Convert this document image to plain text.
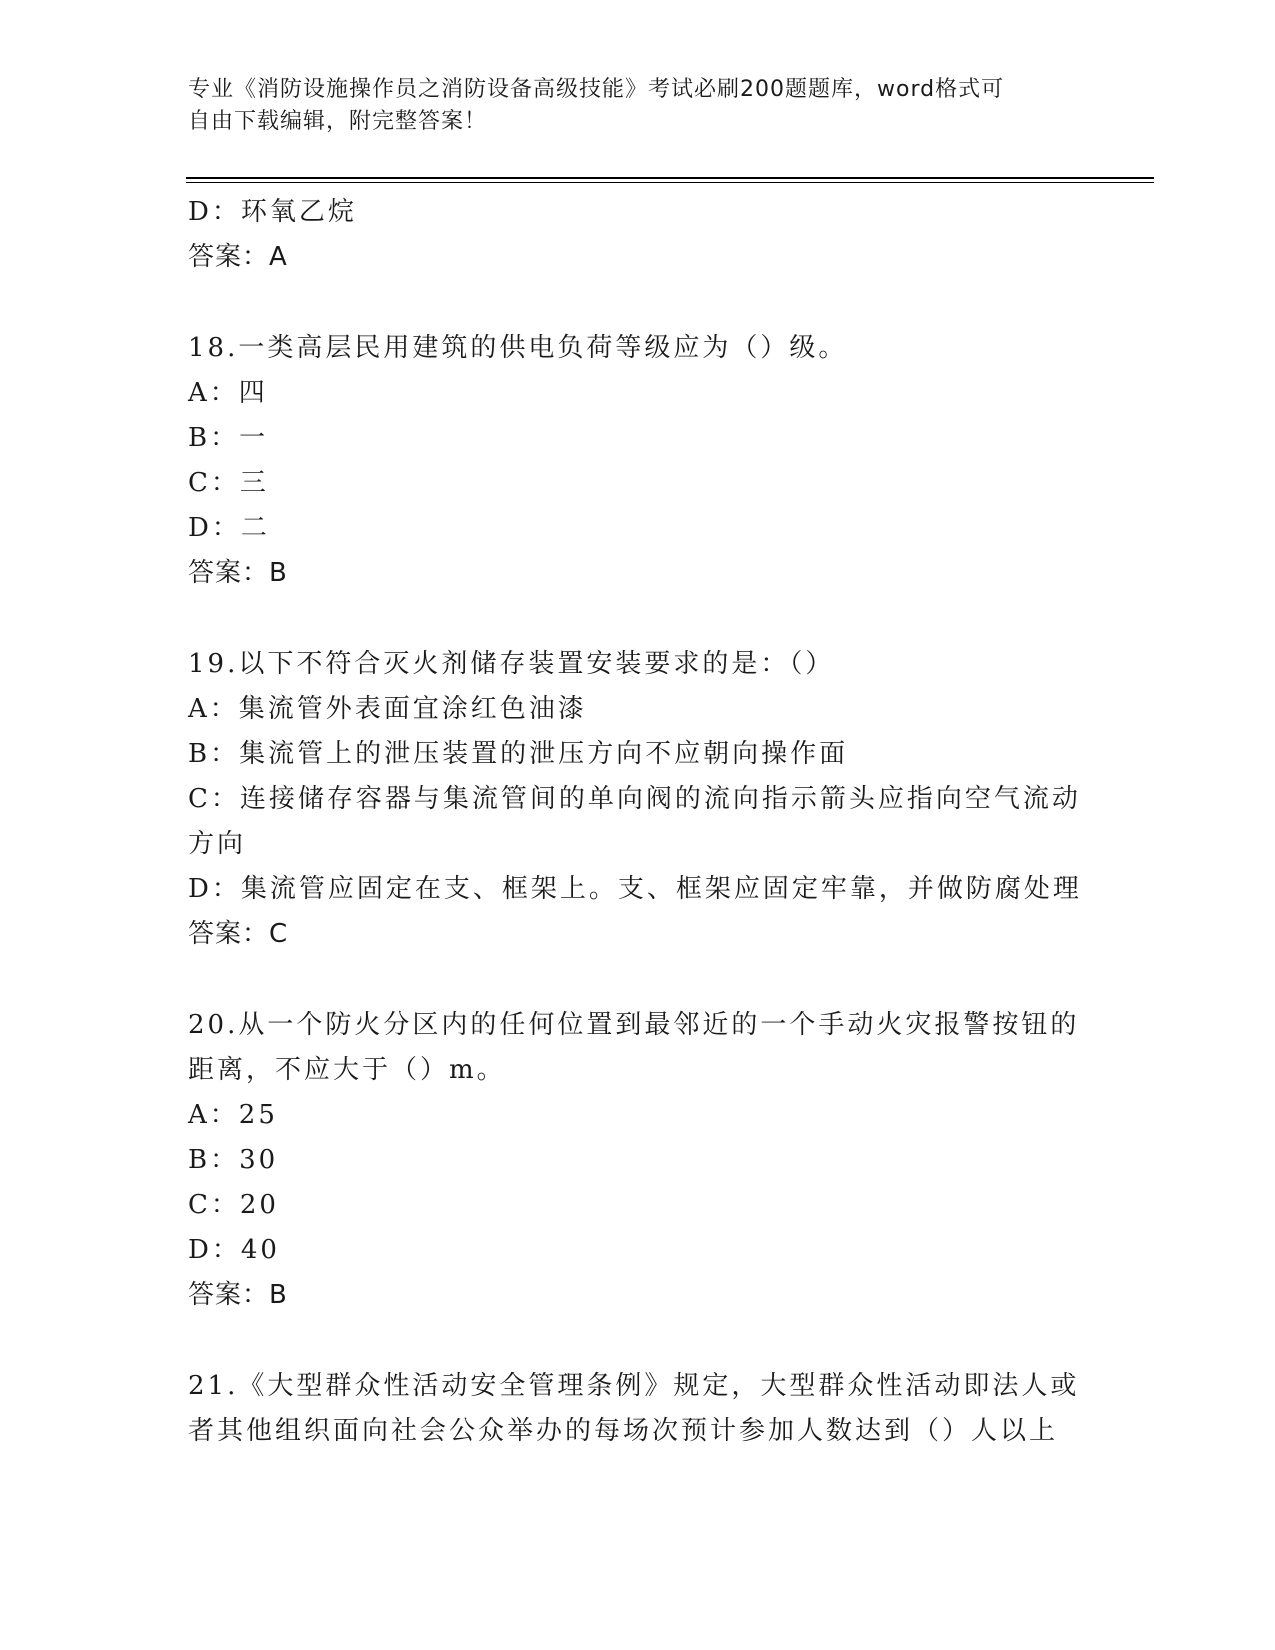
专业《消防设施操作员之消防设备高级技能》考试必刷200题题库，word格式可
自由下载编辑，附完整答案！
D：环氧乙烷
答案：A
18.一类高层民用建筑的供电负荷等级应为（）级。
A：四
B：一
C：三
D：二
答案：B
19.以下不符合灭火剂储存装置安装要求的是：（）
A：集流管外表面宜涂红色油漆
B：集流管上的泄压装置的泄压方向不应朝向操作面
C：连接储存容器与集流管间的单向阀的流向指示箭头应指向空气流动
方向
D：集流管应固定在支、框架上。支、框架应固定牢靠，并做防腐处理
答案：C
20.从一个防火分区内的任何位置到最邻近的一个手动火灾报警按钮的
距离，不应大于（）m。
A：25
B：30
C：20
D：40
答案：B
21.《大型群众性活动安全管理条例》规定，大型群众性活动即法人或
者其他组织面向社会公众举办的每场次预计参加人数达到（）人以上
